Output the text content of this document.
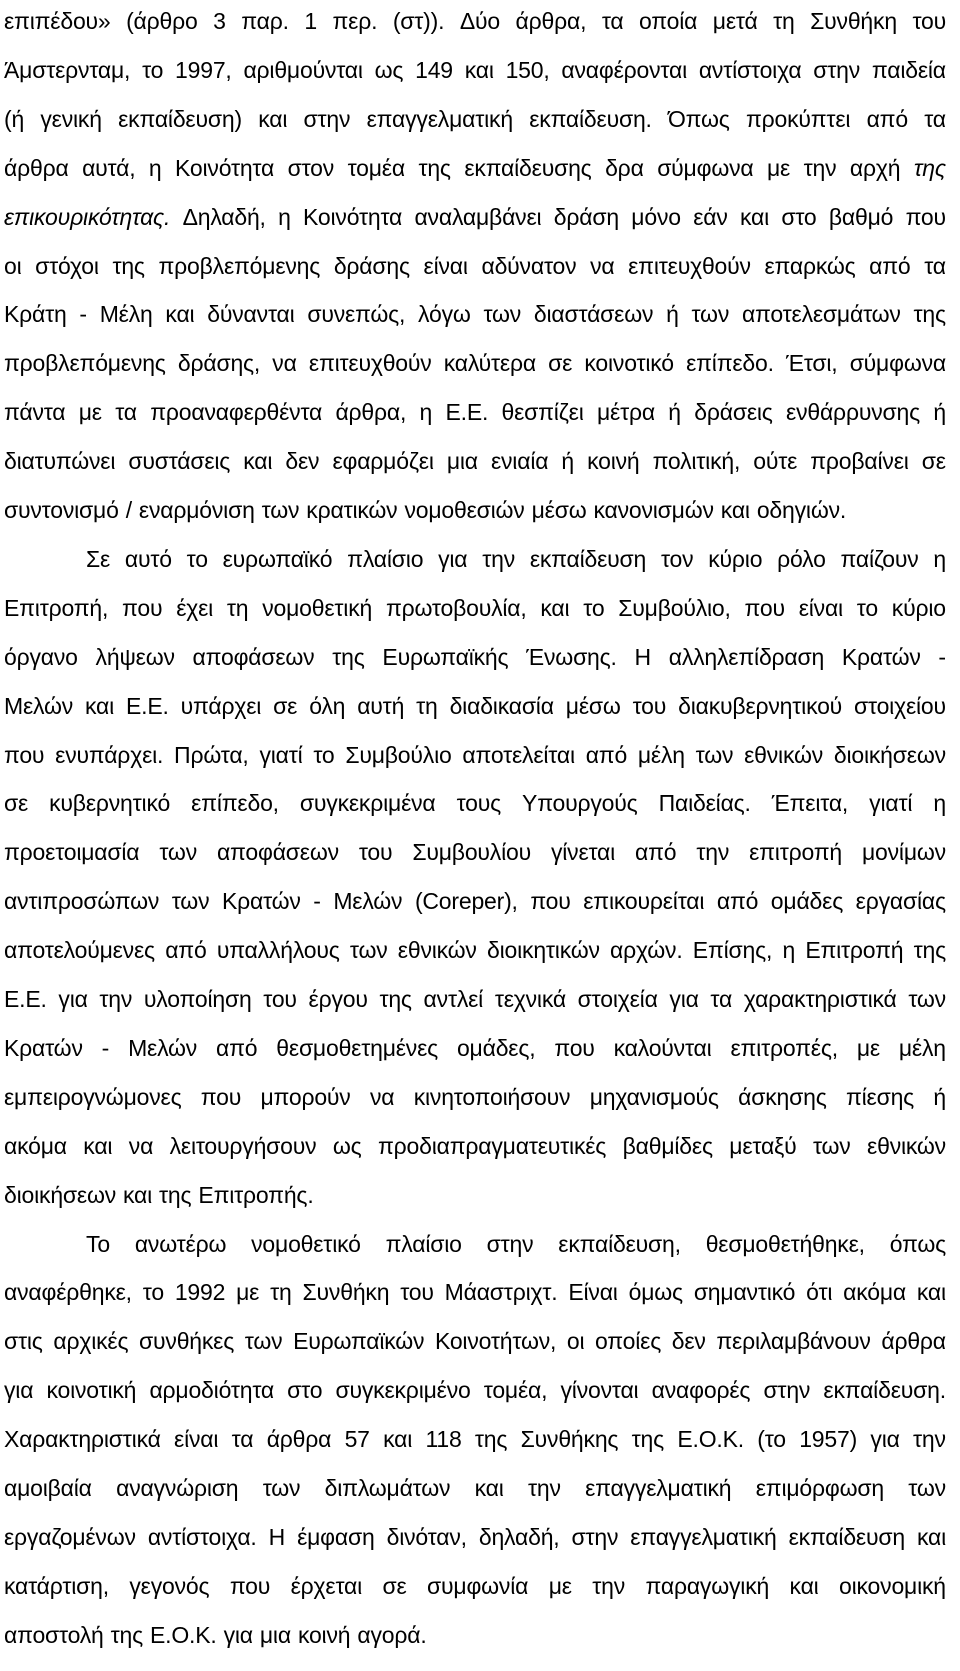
επιπέδου» (άρθρο 3 παρ. 1 περ. (στ)). Δύο άρθρα, τα οποία μετά τη Συνθήκη του
Άμστερνταμ, το 1997, αριθμούνται ως 149 και 150, αναφέρονται αντίστοιχα στην παιδεία
(ή γενική εκπαίδευση) και στην επαγγελματική εκπαίδευση. Όπως προκύπτει από τα
άρθρα αυτά, η Κοινότητα στον τομέα της εκπαίδευσης δρα σύμφωνα με την αρχή της
επικουρικότητας. Δηλαδή, η Κοινότητα αναλαμβάνει δράση μόνο εάν και στο βαθμό που
οι στόχοι της προβλεπόμενης δράσης είναι αδύνατον να επιτευχθούν επαρκώς από τα
Κράτη - Μέλη και δύνανται συνεπώς, λόγω των διαστάσεων ή των αποτελεσμάτων της
προβλεπόμενης δράσης, να επιτευχθούν καλύτερα σε κοινοτικό επίπεδο. Έτσι, σύμφωνα
πάντα με τα προαναφερθέντα άρθρα, η Ε.Ε. θεσπίζει μέτρα ή δράσεις ενθάρρυνσης ή
διατυπώνει συστάσεις και δεν εφαρμόζει μια ενιαία ή κοινή πολιτική, ούτε προβαίνει σε
συντονισμό / εναρμόνιση των κρατικών νομοθεσιών μέσω κανονισμών και οδηγιών.
Σε αυτό το ευρωπαϊκό πλαίσιο για την εκπαίδευση τον κύριο ρόλο παίζουν η
Επιτροπή, που έχει τη νομοθετική πρωτοβουλία, και το Συμβούλιο, που είναι το κύριο
όργανο λήψεων αποφάσεων της Ευρωπαϊκής Ένωσης. Η αλληλεπίδραση Κρατών -
Μελών και Ε.Ε. υπάρχει σε όλη αυτή τη διαδικασία μέσω του διακυβερνητικού στοιχείου
που ενυπάρχει. Πρώτα, γιατί το Συμβούλιο αποτελείται από μέλη των εθνικών διοικήσεων
σε κυβερνητικό επίπεδο, συγκεκριμένα τους Υπουργούς Παιδείας. Έπειτα, γιατί η
προετοιμασία των αποφάσεων του Συμβουλίου γίνεται από την επιτροπή μονίμων
αντιπροσώπων των Κρατών - Μελών (Coreper), που επικουρείται από ομάδες εργασίας
αποτελούμενες από υπαλλήλους των εθνικών διοικητικών αρχών. Επίσης, η Επιτροπή της
Ε.Ε. για την υλοποίηση του έργου της αντλεί τεχνικά στοιχεία για τα χαρακτηριστικά των
Κρατών - Μελών από θεσμοθετημένες ομάδες, που καλούνται επιτροπές, με μέλη
εμπειρογνώμονες που μπορούν να κινητοποιήσουν μηχανισμούς άσκησης πίεσης ή
ακόμα και να λειτουργήσουν ως προδιαπραγματευτικές βαθμίδες μεταξύ των εθνικών
διοικήσεων και της Επιτροπής.
Το ανωτέρω νομοθετικό πλαίσιο στην εκπαίδευση, θεσμοθετήθηκε, όπως
αναφέρθηκε, το 1992 με τη Συνθήκη του Μάαστριχτ. Είναι όμως σημαντικό ότι ακόμα και
στις αρχικές συνθήκες των Ευρωπαϊκών Κοινοτήτων, οι οποίες δεν περιλαμβάνουν άρθρα
για κοινοτική αρμοδιότητα στο συγκεκριμένο τομέα, γίνονται αναφορές στην εκπαίδευση.
Χαρακτηριστικά είναι τα άρθρα 57 και 118 της Συνθήκης της Ε.Ο.Κ. (το 1957) για την
αμοιβαία αναγνώριση των διπλωμάτων και την επαγγελματική επιμόρφωση των
εργαζομένων αντίστοιχα. Η έμφαση δινόταν, δηλαδή, στην επαγγελματική εκπαίδευση και
κατάρτιση, γεγονός που έρχεται σε συμφωνία με την παραγωγική και οικονομική
αποστολή της Ε.Ο.Κ. για μια κοινή αγορά.
